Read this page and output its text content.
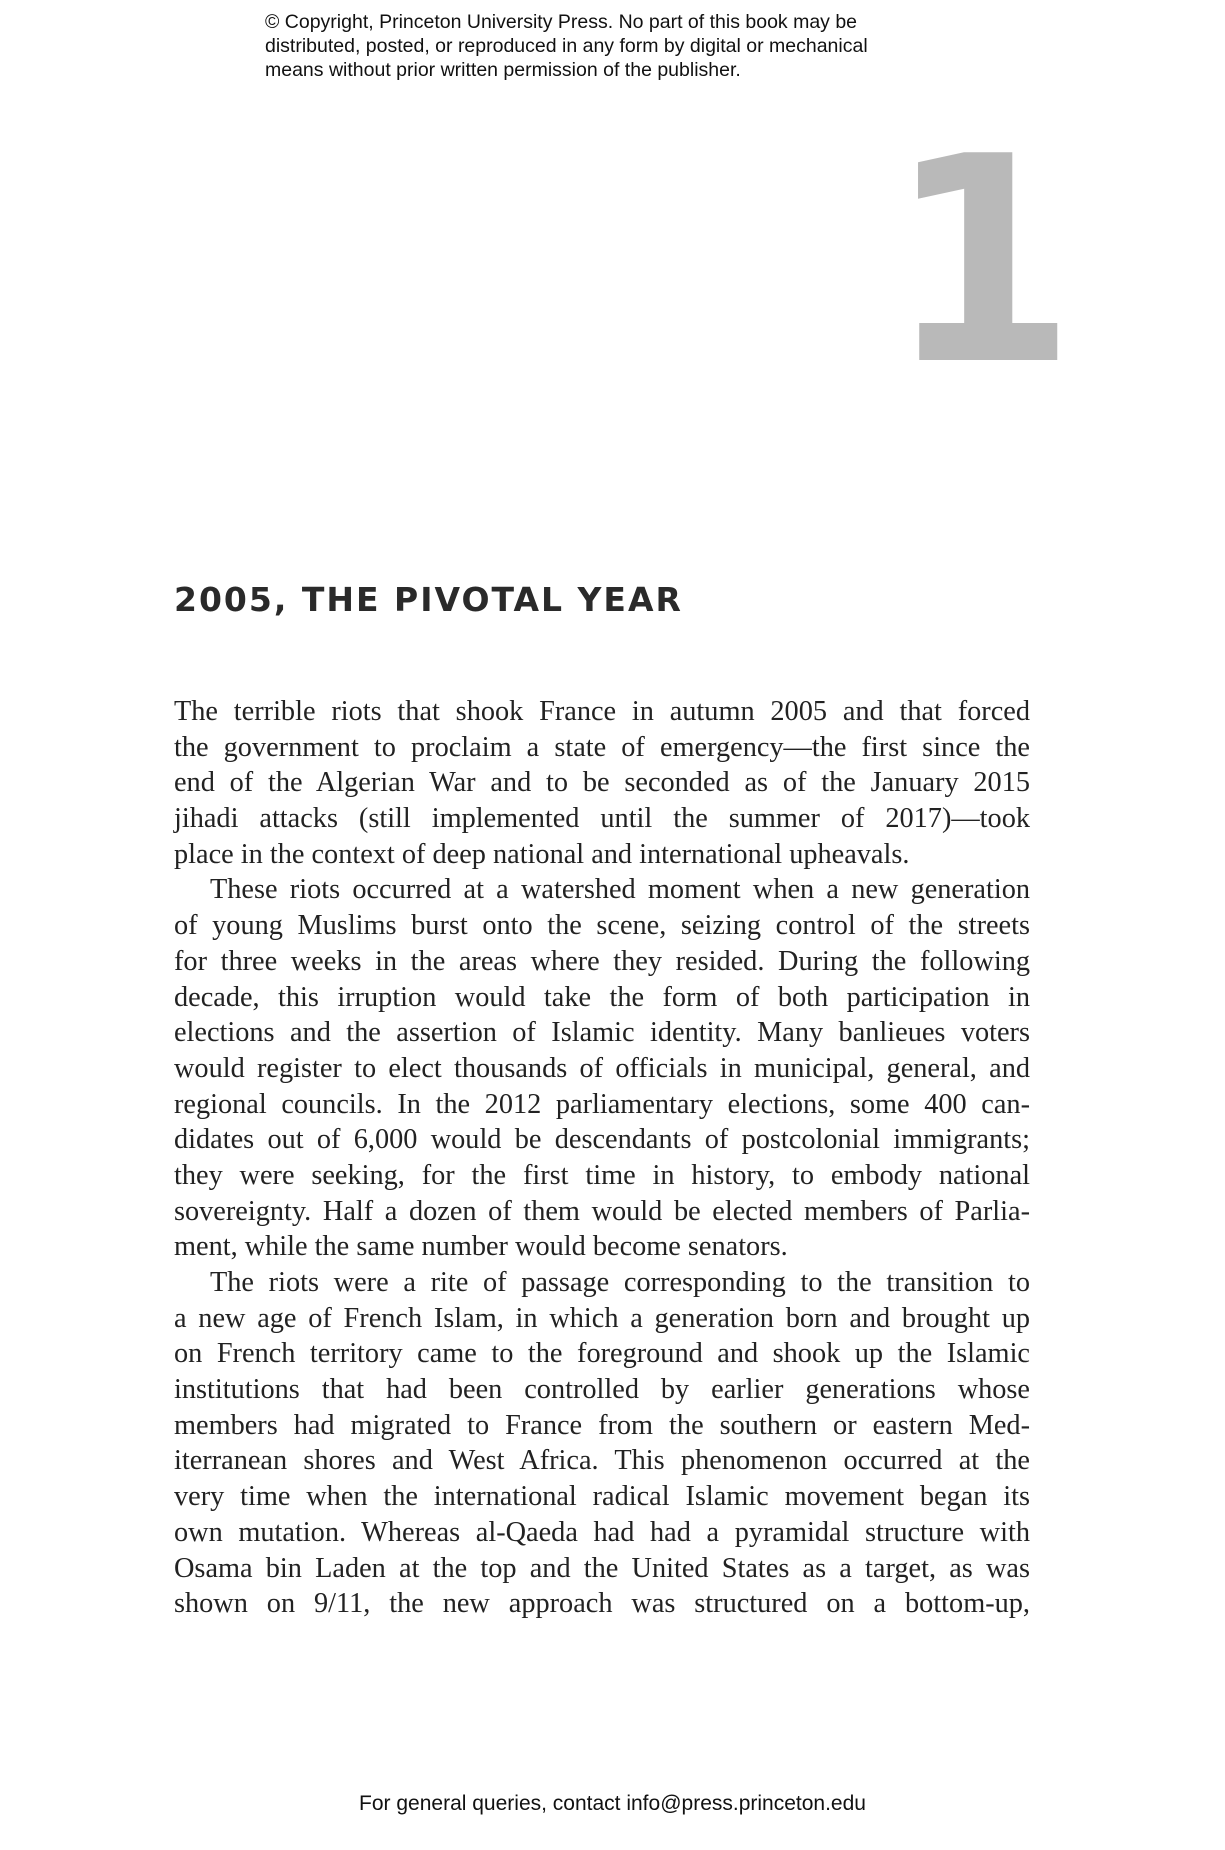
© Copyright, Princeton University Press. No part of this book may be
distributed, posted, or reproduced in any form by digital or mechanical
means without prior written permission of the publisher.
1
2005, THE PIVOTAL YEAR
The terrible riots that shook France in autumn 2005 and that forced
the government to proclaim a state of emergency—the first since the
end of the Algerian War and to be seconded as of the January 2015
jihadi attacks (still implemented until the summer of 2017)—took
place in the context of deep national and international upheavals.
These riots occurred at a watershed moment when a new generation
of young Muslims burst onto the scene, seizing control of the streets
for three weeks in the areas where they resided. During the following
decade, this irruption would take the form of both participation in
elections and the assertion of Islamic identity. Many banlieues voters
would register to elect thousands of officials in municipal, general, and
regional councils. In the 2012 parliamentary elections, some 400 can-
didates out of 6,000 would be descendants of postcolonial immigrants;
they were seeking, for the first time in history, to embody national
sovereignty. Half a dozen of them would be elected members of Parlia-
ment, while the same number would become senators.
The riots were a rite of passage corresponding to the transition to
a new age of French Islam, in which a generation born and brought up
on French territory came to the foreground and shook up the Islamic
institutions that had been controlled by earlier generations whose
members had migrated to France from the southern or eastern Med-
iterranean shores and West Africa. This phenomenon occurred at the
very time when the international radical Islamic movement began its
own mutation. Whereas al-Qaeda had had a pyramidal structure with
Osama bin Laden at the top and the United States as a target, as was
shown on 9/11, the new approach was structured on a bottom-up,
For general queries, contact info@press.princeton.edu
